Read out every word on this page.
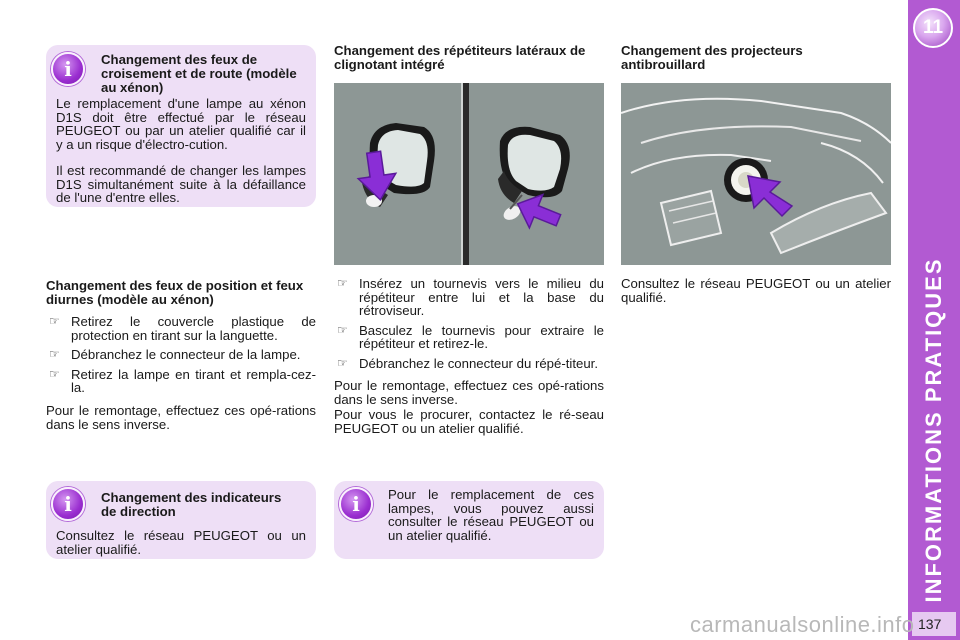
11
INFORMATIONS PRATIQUES
137
i Changement des feux de croisement et de route (modèle au xénon)
Le remplacement d'une lampe au xénon D1S doit être effectué par le réseau PEUGEOT ou par un atelier qualifié car il y a un risque d'électro-cution.
Il est recommandé de changer les lampes D1S simultanément suite à la défaillance de l'une d'entre elles.
Changement des feux de position et feux diurnes (modèle au xénon)
☞ Retirez le couvercle plastique de protection en tirant sur la languette.
☞ Débranchez le connecteur de la lampe.
☞ Retirez la lampe en tirant et rempla-cez-la.
Pour le remontage, effectuez ces opé-rations dans le sens inverse.
i Changement des indicateurs de direction
Consultez le réseau PEUGEOT ou un atelier qualifié.
Changement des répétiteurs latéraux de clignotant intégré
☞ Insérez un tournevis vers le milieu du répétiteur entre lui et la base du rétroviseur.
☞ Basculez le tournevis pour extraire le répétiteur et retirez-le.
☞ Débranchez le connecteur du répé-titeur.
Pour le remontage, effectuez ces opé-rations dans le sens inverse.
Pour vous le procurer, contactez le ré-seau PEUGEOT ou un atelier qualifié.
i Pour le remplacement de ces lampes, vous pouvez aussi consulter le réseau PEUGEOT ou un atelier qualifié.
Changement des projecteurs antibrouillard
Consultez le réseau PEUGEOT ou un atelier qualifié.
carmanualsonline.info
